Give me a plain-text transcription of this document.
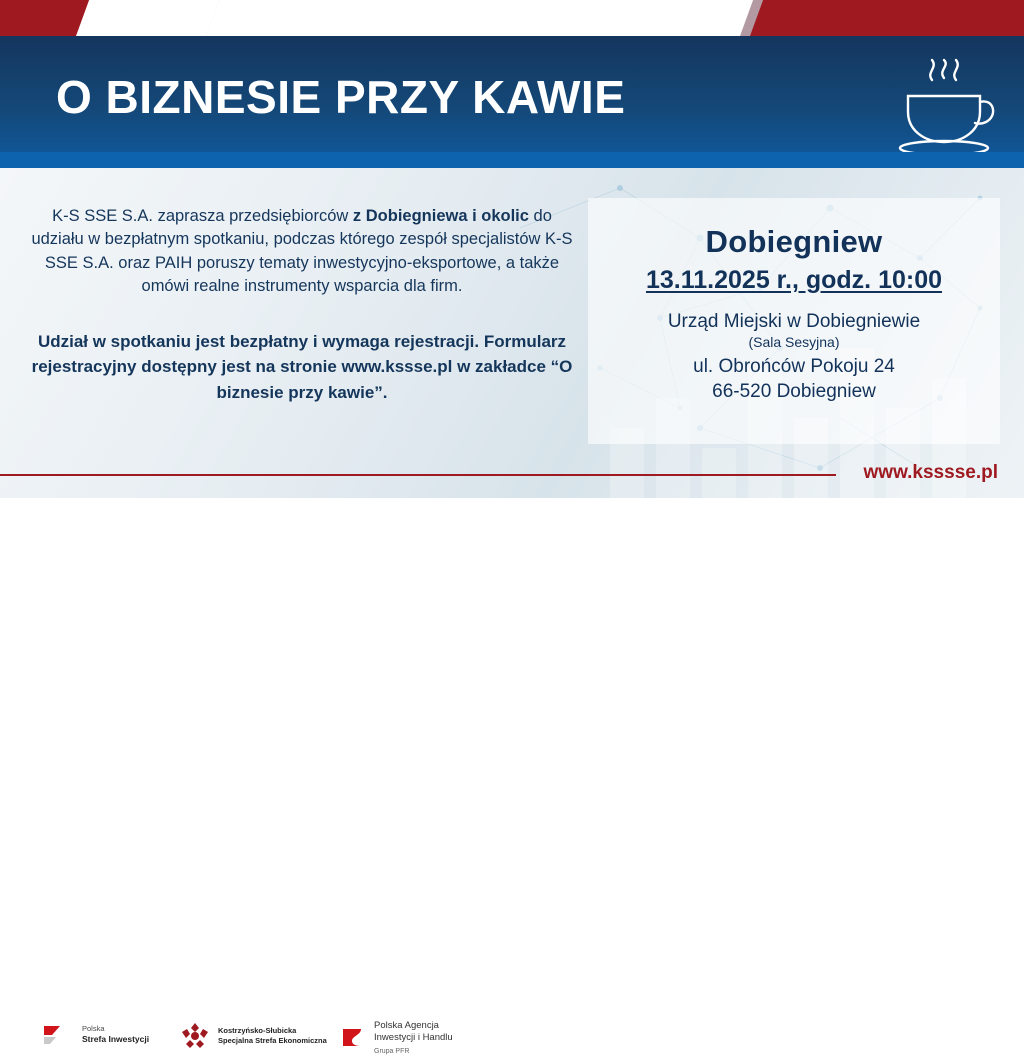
O BIZNESIE PRZY KAWIE
K-S SSE S.A. zaprasza przedsiębiorców z Dobiegniewa i okolic do udziału w bezpłatnym spotkaniu, podczas którego zespół specjalistów K-S SSE S.A. oraz PAIH poruszy tematy inwestycyjno-eksportowe, a także omówi realne instrumenty wsparcia dla firm.
Udział w spotkaniu jest bezpłatny i wymaga rejestracji. Formularz rejestracyjny dostępny jest na stronie www.kssse.pl w zakładce “O biznesie przy kawie”.
Dobiegniew
13.11.2025 r., godz. 10:00
Urząd Miejski w Dobiegniewie
(Sala Sesyjna)
ul. Obrońców Pokoju 24
66-520 Dobiegniew
www.ksssse.pl
Polska
Strefa Inwestycji
Kostrzyńsko-Słubicka
Specjalna Strefa Ekonomiczna
Polska Agencja
Inwestycji i Handlu
Grupa PFR
